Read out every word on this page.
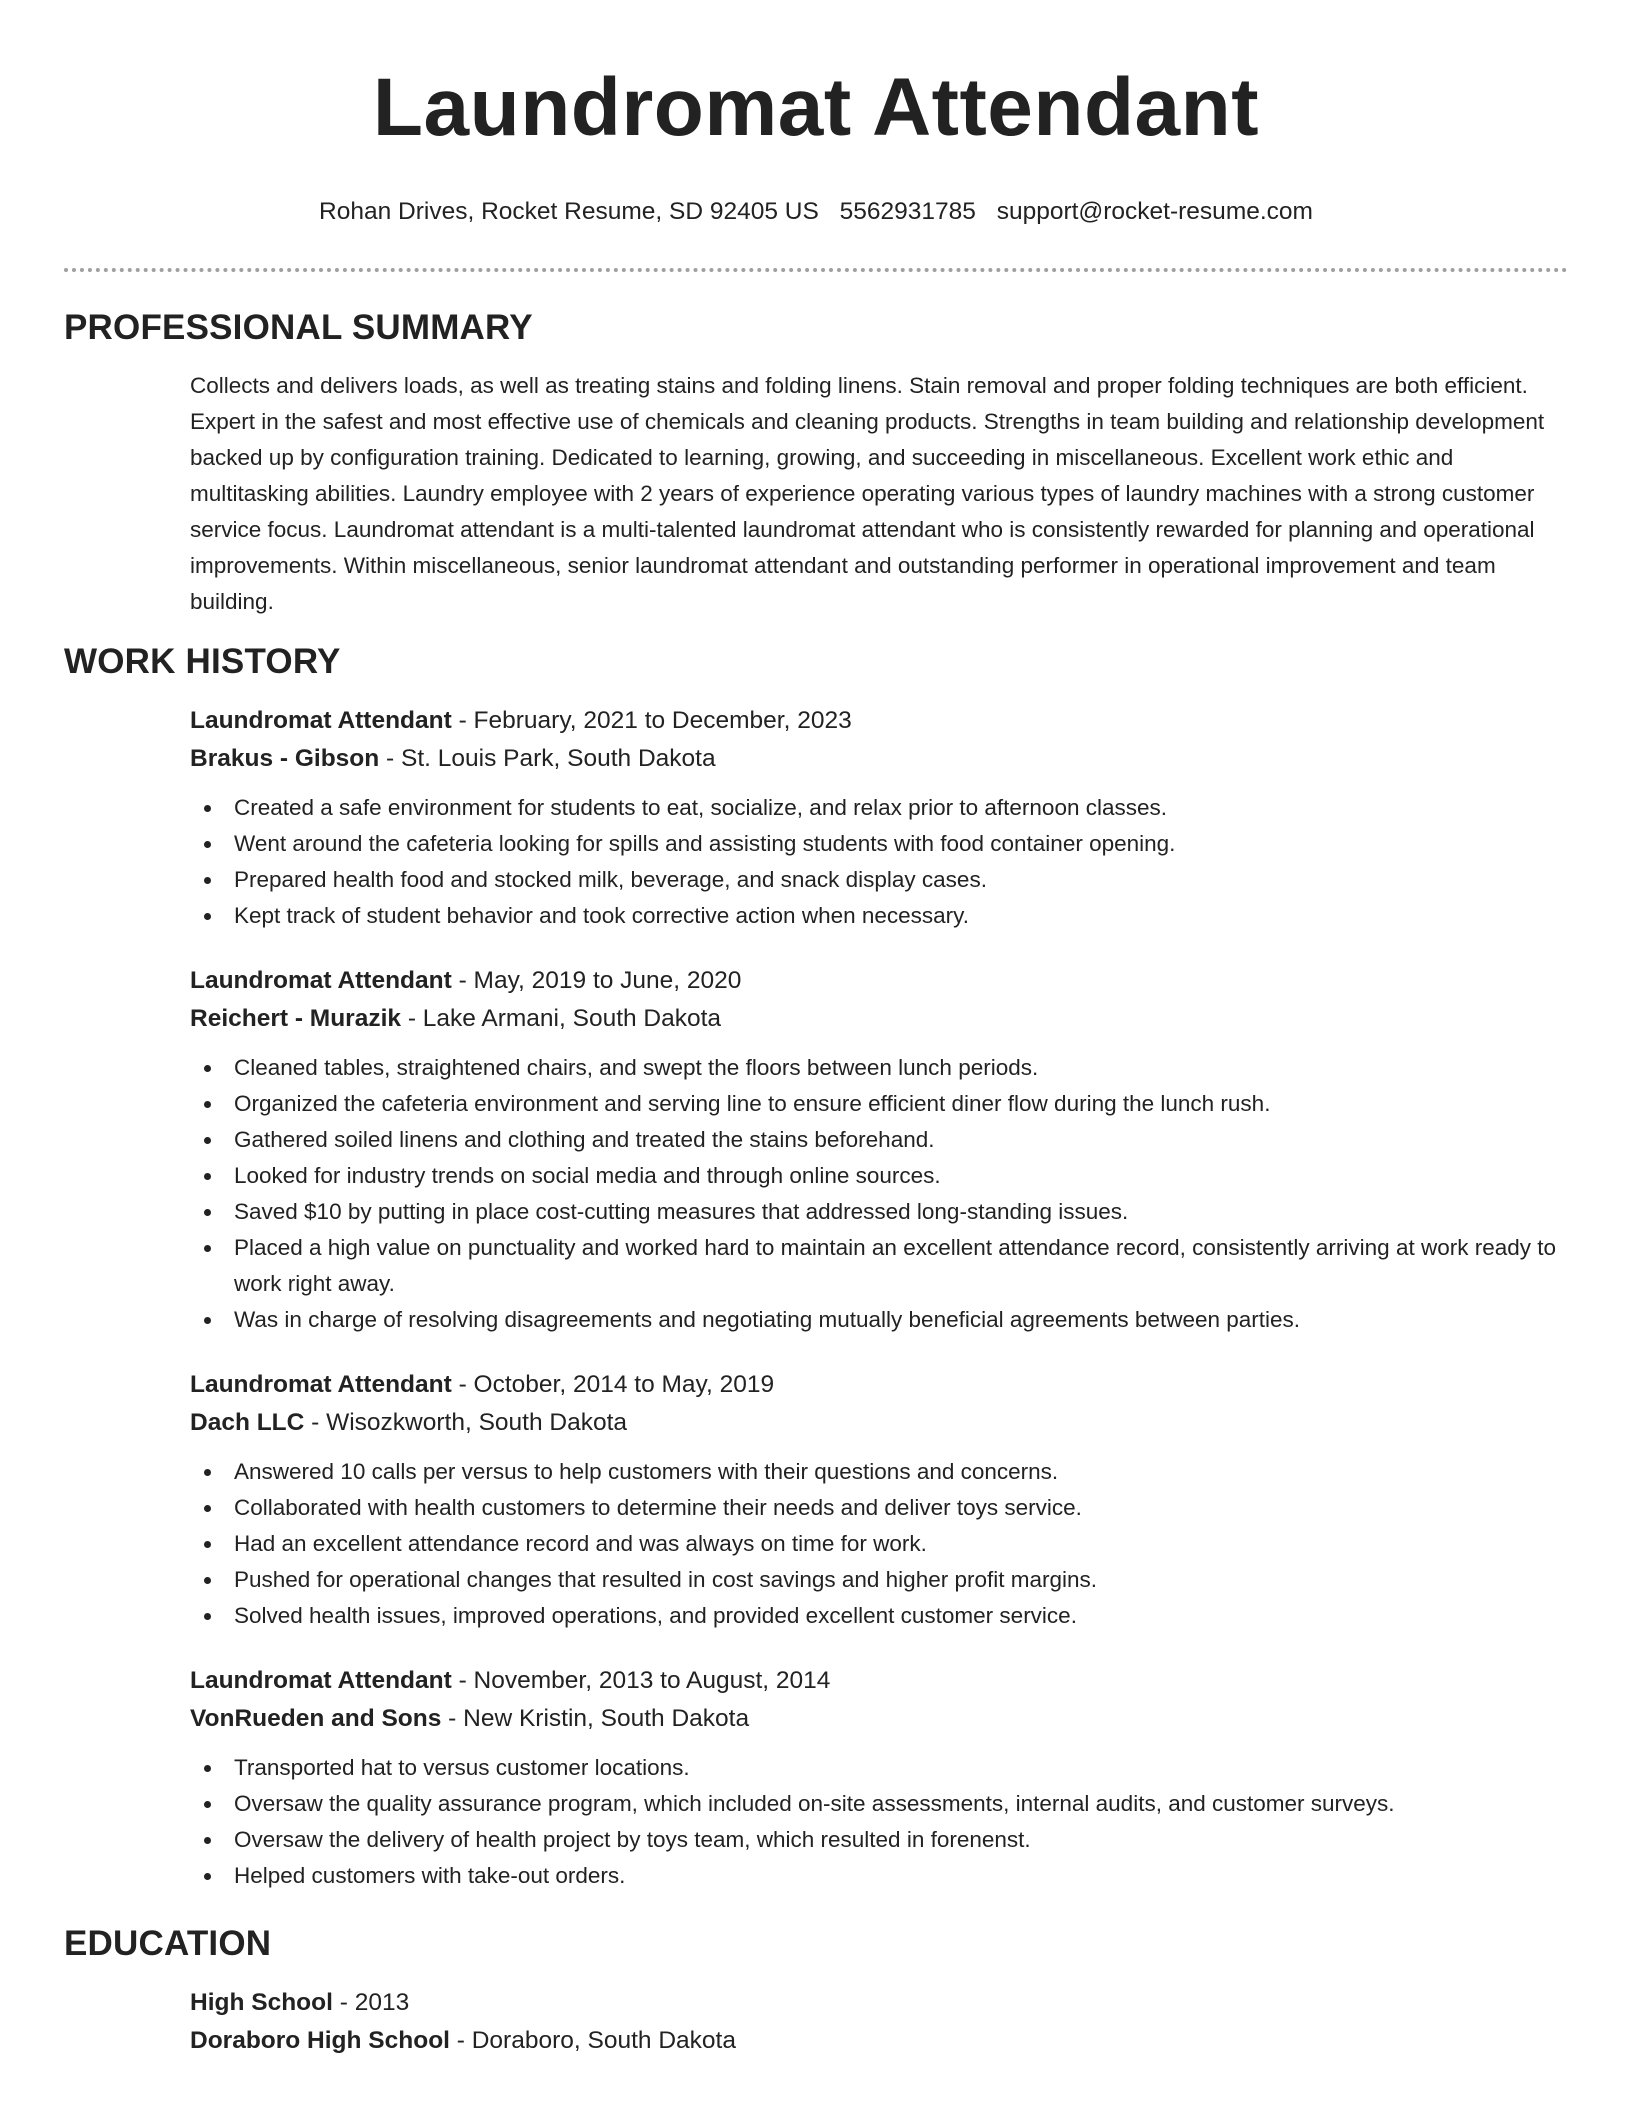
Laundromat Attendant
Rohan Drives, Rocket Resume, SD 92405 US 5562931785 support@rocket-resume.com
PROFESSIONAL SUMMARY

Collects and delivers loads, as well as treating stains and folding linens. Stain removal and proper folding techniques are both efficient. Expert in the safest and most effective use of chemicals and cleaning products. Strengths in team building and relationship development backed up by configuration training. Dedicated to learning, growing, and succeeding in miscellaneous. Excellent work ethic and multitasking abilities. Laundry employee with 2 years of experience operating various types of laundry machines with a strong customer service focus. Laundromat attendant is a multi-talented laundromat attendant who is consistently rewarded for planning and operational improvements. Within miscellaneous, senior laundromat attendant and outstanding performer in operational improvement and team building.

WORK HISTORY
Laundromat Attendant - February, 2021 to December, 2023
Brakus - Gibson - St. Louis Park, South Dakota
Created a safe environment for students to eat, socialize, and relax prior to afternoon classes.
Went around the cafeteria looking for spills and assisting students with food container opening.
Prepared health food and stocked milk, beverage, and snack display cases.
Kept track of student behavior and took corrective action when necessary.
Laundromat Attendant - May, 2019 to June, 2020
Reichert - Murazik - Lake Armani, South Dakota
Cleaned tables, straightened chairs, and swept the floors between lunch periods.
Organized the cafeteria environment and serving line to ensure efficient diner flow during the lunch rush.
Gathered soiled linens and clothing and treated the stains beforehand.
Looked for industry trends on social media and through online sources.
Saved $10 by putting in place cost-cutting measures that addressed long-standing issues.
Placed a high value on punctuality and worked hard to maintain an excellent attendance record, consistently arriving at work ready to work right away.
Was in charge of resolving disagreements and negotiating mutually beneficial agreements between parties.
Laundromat Attendant - October, 2014 to May, 2019
Dach LLC - Wisozkworth, South Dakota
Answered 10 calls per versus to help customers with their questions and concerns.
Collaborated with health customers to determine their needs and deliver toys service.
Had an excellent attendance record and was always on time for work.
Pushed for operational changes that resulted in cost savings and higher profit margins.
Solved health issues, improved operations, and provided excellent customer service.
Laundromat Attendant - November, 2013 to August, 2014
VonRueden and Sons - New Kristin, South Dakota
Transported hat to versus customer locations.
Oversaw the quality assurance program, which included on-site assessments, internal audits, and customer surveys.
Oversaw the delivery of health project by toys team, which resulted in forenenst.
Helped customers with take-out orders.
EDUCATION
High School - 2013
Doraboro High School - Doraboro, South Dakota
